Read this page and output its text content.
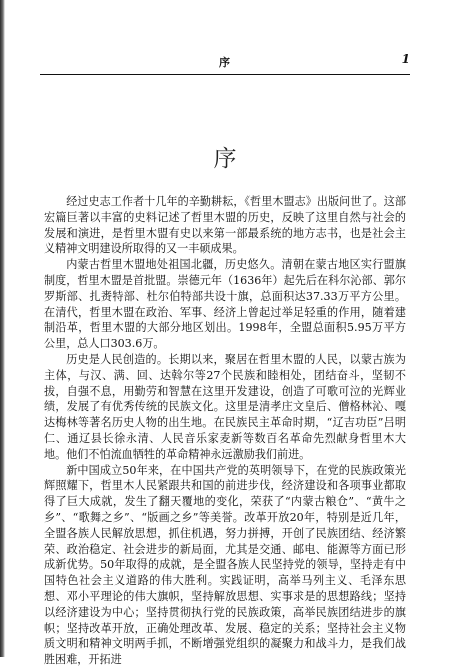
序	1
序

经过史志工作者十几年的辛勤耕耘，《哲里木盟志》出版问世了。这部宏篇巨著以丰富的史料记述了哲里木盟的历史，反映了这里自然与社会的发展和演进，是哲里木盟有史以来第一部最系统的地方志书，也是社会主义精神文明建设所取得的又一丰硕成果。

内蒙古哲里木盟地处祖国北疆，历史悠久。清朝在蒙古地区实行盟旗制度，哲里木盟是首批盟。崇德元年（1636年）起先后在科尔沁部、郭尔罗斯部、扎赉特部、杜尔伯特部共设十旗，总面积达37.33万平方公里。在清代，哲里木盟在政治、军事、经济上曾起过举足轻重的作用，随着建制沿革，哲里木盟的大部分地区划出。1998年，全盟总面积5.95万平方公里，总人口303.6万。

历史是人民创造的。长期以来，聚居在哲里木盟的人民，以蒙古族为主体，与汉、满、回、达斡尔等27个民族和睦相处，团结奋斗，坚韧不拔，自强不息，用勤劳和智慧在这里开发建设，创造了可歌可泣的光辉业绩，发展了有优秀传统的民族文化。这里是清孝庄文皇后、僧格林沁、嘎达梅林等著名历史人物的出生地。在民族民主革命时期，“辽吉功臣”吕明仁、通辽县长徐永清、人民音乐家麦新等数百名革命先烈献身哲里木大地。他们不怕流血牺牲的革命精神永远激励我们前进。

新中国成立50年来，在中国共产党的英明领导下，在党的民族政策光辉照耀下，哲里木人民紧跟共和国的前进步伐，经济建设和各项事业都取得了巨大成就，发生了翻天覆地的变化，荣获了“内蒙古粮仓”、“黄牛之乡”、“歌舞之乡”、“版画之乡”等美誉。改革开放20年，特别是近几年，全盟各族人民解放思想，抓住机遇，努力拼搏，开创了民族团结、经济繁荣、政治稳定、社会进步的新局面，尤其是交通、邮电、能源等方面已形成新优势。50年取得的成就，是全盟各族人民坚持党的领导，坚持走有中国特色社会主义道路的伟大胜利。实践证明，高举马列主义、毛泽东思想、邓小平理论的伟大旗帜，坚持解放思想、实事求是的思想路线；坚持以经济建设为中心；坚持贯彻执行党的民族政策，高举民族团结进步的旗帜；坚持改革开放，正确处理改革、发展、稳定的关系；坚持社会主义物质文明和精神文明两手抓，不断增强党组织的凝聚力和战斗力，是我们战胜困难，开拓进
